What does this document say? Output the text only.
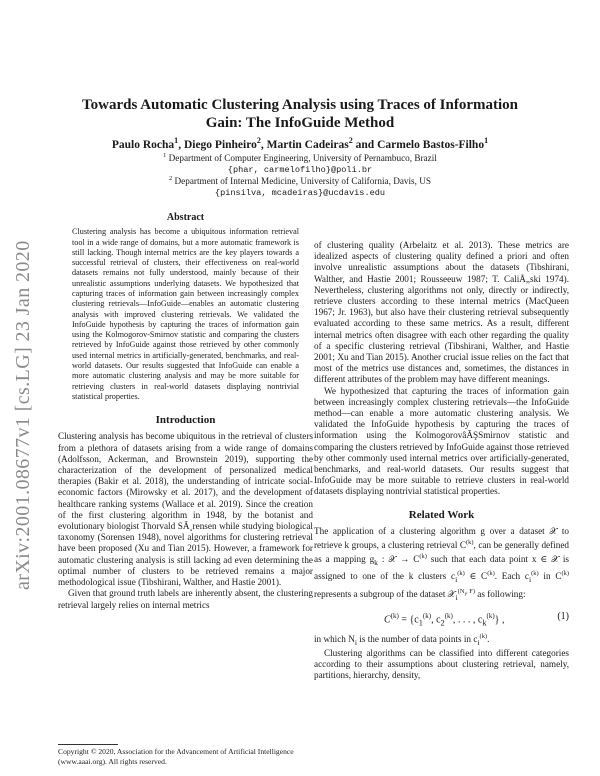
arXiv:2001.08677v1 [cs.LG] 23 Jan 2020
Towards Automatic Clustering Analysis using Traces of Information
Gain: The InfoGuide Method
Paulo Rocha$^1$, Diego Pinheiro$^2$, Martin Cadeiras$^2$ and Carmelo Bastos-Filho$^1$
$^1$ Department of Computer Engineering, University of Pernambuco, Brazil
{phar, carmelofilho}@poli.br
$^2$ Department of Internal Medicine, University of California, Davis, US
{pinsilva, mcadeiras}@ucdavis.edu
Abstract

Clustering analysis has become a ubiquitous information retrieval tool in a wide range of domains, but a more automatic framework is still lacking. Though internal metrics are the key players towards a successful retrieval of clusters, their effectiveness on real-world datasets remains not fully understood, mainly because of their unrealistic assumptions underlying datasets. We hypothesized that capturing traces of information gain between increasingly complex clustering retrievals—InfoGuide—enables an automatic clustering analysis with improved clustering retrievals. We validated the InfoGuide hypothesis by capturing the traces of information gain using the Kolmogorov-Smirnov statistic and comparing the clusters retrieved by InfoGuide against those retrieved by other commonly used internal metrics in artificially-generated, benchmarks, and real-world datasets. Our results suggested that InfoGuide can enable a more automatic clustering analysis and may be more suitable for retrieving clusters in real-world datasets displaying nontrivial statistical properties.

Introduction

Clustering analysis has become ubiquitous in the retrieval of clusters from a plethora of datasets arising from a wide range of domains (Adolfsson, Ackerman, and Brownstein 2019), supporting the characterization of the development of personalized medical therapies (Bakir et al. 2018), the understanding of intricate social-economic factors (Mirowsky et al. 2017), and the development of healthcare ranking systems (Wallace et al. 2019). Since the creation of the first clustering algorithm in 1948, by the botanist and evolutionary biologist Thorvald SÃ¸rensen while studying biological taxonomy (Sorensen 1948), novel algorithms for clustering retrieval have been proposed (Xu and Tian 2015). However, a framework for automatic clustering analysis is still lacking ad even determining the optimal number of clusters to be retrieved remains a major methodological issue (Tibshirani, Walther, and Hastie 2001).

Given that ground truth labels are inherently absent, the clustering retrieval largely relies on internal metrics

Copyright © 2020, Association for the Advancement of Artificial Intelligence (www.aaai.org). All rights reserved.

of clustering quality (Arbelaitz et al. 2013). These metrics are idealized aspects of clustering quality defined a priori and often involve unrealistic assumptions about the datasets (Tibshirani, Walther, and Hastie 2001; Rousseeuw 1987; T. CaliÅ„ski 1974). Nevertheless, clustering algorithms not only, directly or indirectly, retrieve clusters according to these internal metrics (MacQueen 1967; Jr. 1963), but also have their clustering retrieval subsequently evaluated according to these same metrics. As a result, different internal metrics often disagree with each other regarding the quality of a specific clustering retrieval (Tibshirani, Walther, and Hastie 2001; Xu and Tian 2015). Another crucial issue relies on the fact that most of the metrics use distances and, sometimes, the distances in different attributes of the problem may have different meanings.

We hypothesized that capturing the traces of information gain between increasingly complex clustering retrievals—the InfoGuide method—can enable a more automatic clustering analysis. We validated the InfoGuide hypothesis by capturing the traces of information using the KolmogorovâĂŞSmirnov statistic and comparing the clusters retrieved by InfoGuide against those retrieved by other commonly used internal metrics over artificially-generated, benchmarks, and real-world datasets. Our results suggest that InfoGuide may be more suitable to retrieve clusters in real-world datasets displaying nontrivial statistical properties.

Related Work

The application of a clustering algorithm g over a dataset 𝒳 to retrieve k groups, a clustering retrieval $C^{(k)}$, can be generally defined as a mapping $g_k$ : 𝒳 → $C^{(k)}$ such that each data point x ∈ 𝒳 is assigned to one of the k clusters $c_i^{(k)}$ ∈ $C^{(k)}$. Each $c_i^{(k)}$ in $C^{(k)}$ represents a subgroup of the dataset 𝒳$_i^{(N_i, F)}$ as following:

$C^{(k)} = \{c_1^{(k)}$, $c_2^{(k)}$, . . . , $c_k^{(k)}$} ,	(1)

in which $N_i$ is the number of data points in $c_i^{(k)}$.

Clustering algorithms can be classified into different categories according to their assumptions about clustering retrieval, namely, partitions, hierarchy, density,
